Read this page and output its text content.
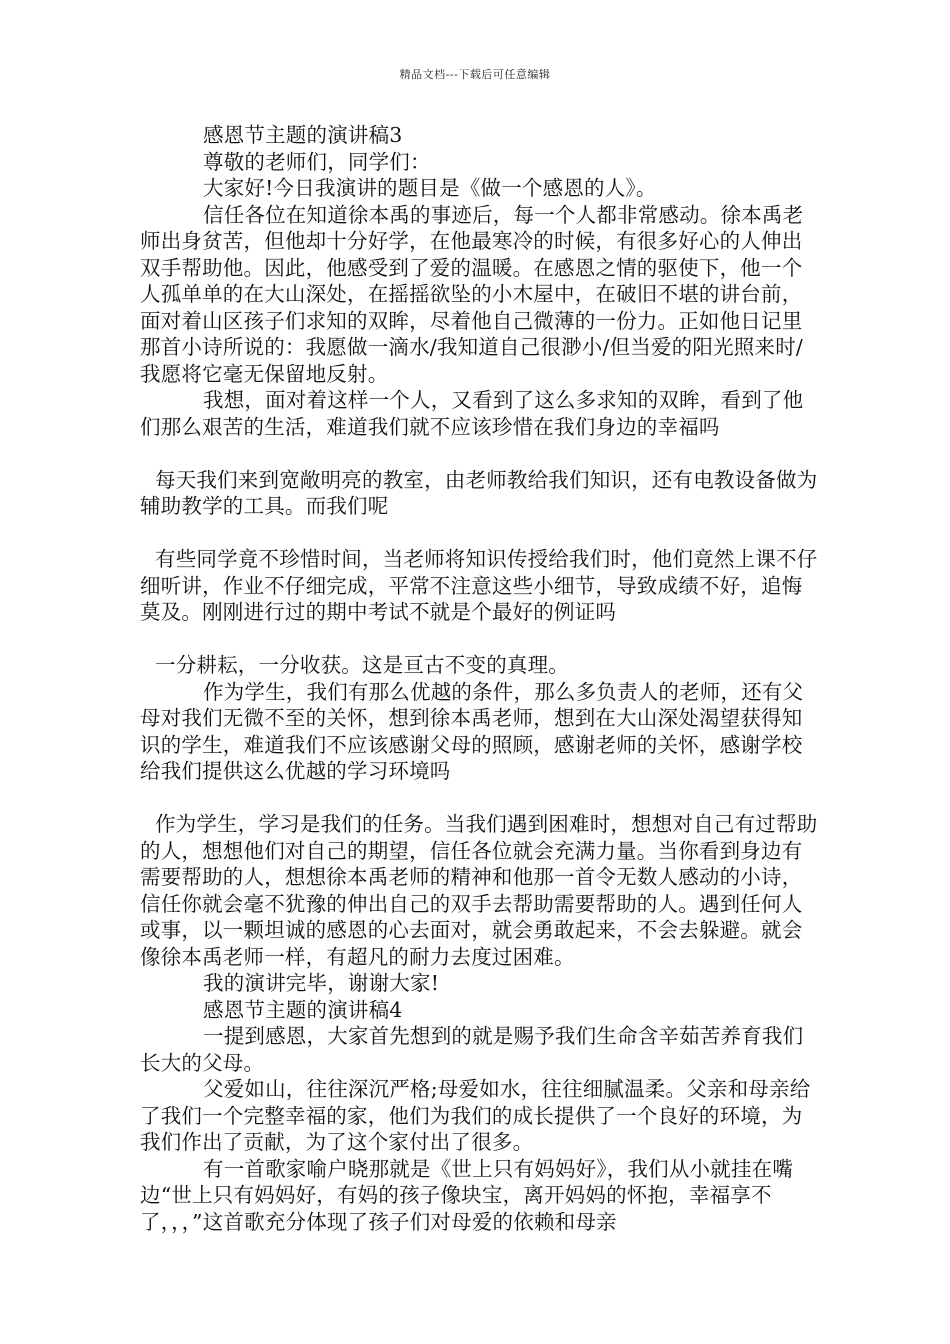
精品文档---下载后可任意编辑

感恩节主题的演讲稿3

尊敬的老师们，同学们：

大家好!今日我演讲的题目是《做一个感恩的人》。

信任各位在知道徐本禹的事迹后，每一个人都非常感动。徐本禹老师出身贫苦，但他却十分好学，在他最寒冷的时候，有很多好心的人伸出双手帮助他。因此，他感受到了爱的温暖。在感恩之情的驱使下，他一个人孤单单的在大山深处，在摇摇欲坠的小木屋中，在破旧不堪的讲台前，面对着山区孩子们求知的双眸，尽着他自己微薄的一份力。正如他日记里那首小诗所说的：我愿做一滴水/我知道自己很渺小/但当爱的阳光照来时/我愿将它毫无保留地反射。

我想，面对着这样一个人，又看到了这么多求知的双眸，看到了他们那么艰苦的生活，难道我们就不应该珍惜在我们身边的幸福吗

每天我们来到宽敞明亮的教室，由老师教给我们知识，还有电教设备做为辅助教学的工具。而我们呢

有些同学竟不珍惜时间，当老师将知识传授给我们时，他们竟然上课不仔细听讲，作业不仔细完成，平常不注意这些小细节，导致成绩不好，追悔莫及。刚刚进行过的期中考试不就是个最好的例证吗

一分耕耘，一分收获。这是亘古不变的真理。

作为学生，我们有那么优越的条件，那么多负责人的老师，还有父母对我们无微不至的关怀，想到徐本禹老师，想到在大山深处渴望获得知识的学生，难道我们不应该感谢父母的照顾，感谢老师的关怀，感谢学校给我们提供这么优越的学习环境吗

作为学生，学习是我们的任务。当我们遇到困难时，想想对自己有过帮助的人，想想他们对自己的期望，信任各位就会充满力量。当你看到身边有需要帮助的人，想想徐本禹老师的精神和他那一首令无数人感动的小诗，信任你就会毫不犹豫的伸出自己的双手去帮助需要帮助的人。遇到任何人或事，以一颗坦诚的感恩的心去面对，就会勇敢起来，不会去躲避。就会像徐本禹老师一样，有超凡的耐力去度过困难。

我的演讲完毕，谢谢大家!

感恩节主题的演讲稿4

一提到感恩，大家首先想到的就是赐予我们生命含辛茹苦养育我们长大的父母。

父爱如山，往往深沉严格;母爱如水，往往细腻温柔。父亲和母亲给了我们一个完整幸福的家，他们为我们的成长提供了一个良好的环境，为我们作出了贡献，为了这个家付出了很多。

有一首歌家喻户晓那就是《世上只有妈妈好》，我们从小就挂在嘴边“世上只有妈妈好，有妈的孩子像块宝，离开妈妈的怀抱，幸福享不了，，，”这首歌充分体现了孩子们对母爱的依赖和母亲
